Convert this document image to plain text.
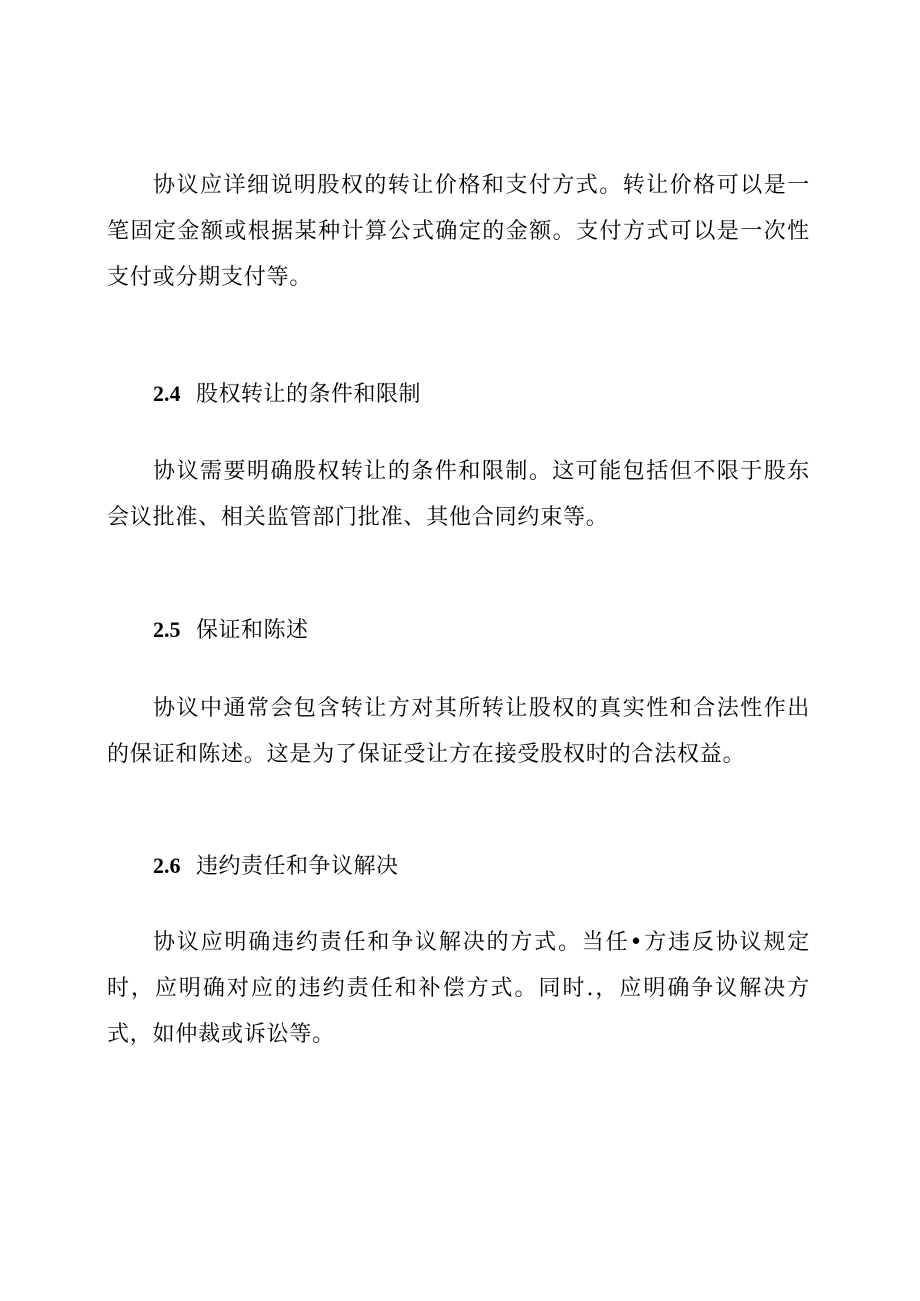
协议应详细说明股权的转让价格和支付方式。转让价格可以是一笔固定金额或根据某种计算公式确定的金额。支付方式可以是一次性支付或分期支付等。

2.4 股权转让的条件和限制

协议需要明确股权转让的条件和限制。这可能包括但不限于股东会议批准、相关监管部门批准、其他合同约束等。

2.5 保证和陈述

协议中通常会包含转让方对其所转让股权的真实性和合法性作出的保证和陈述。这是为了保证受让方在接受股权时的合法权益。

2.6 违约责任和争议解决

协议应明确违约责任和争议解决的方式。当任•方违反协议规定时，应明确对应的违约责任和补偿方式。同时.，应明确争议解决方式，如仲裁或诉讼等。
